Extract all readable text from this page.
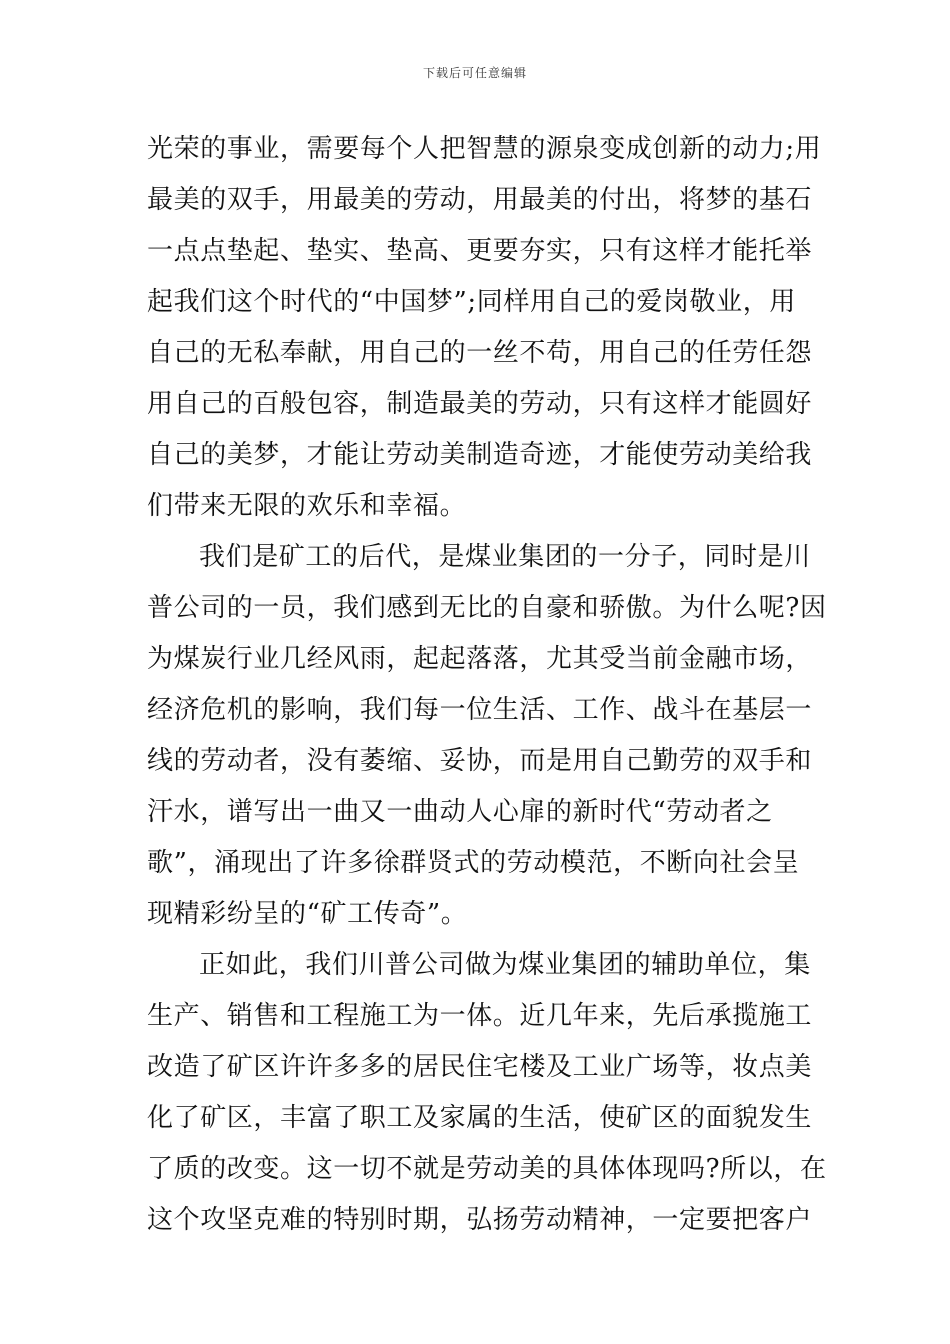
下载后可任意编辑
光荣的事业，需要每个人把智慧的源泉变成创新的动力;用
最美的双手，用最美的劳动，用最美的付出，将梦的基石
一点点垫起、垫实、垫高、更要夯实，只有这样才能托举
起我们这个时代的“中国梦”;同样用自己的爱岗敬业，用
自己的无私奉献，用自己的一丝不苟，用自己的任劳任怨
用自己的百般包容，制造最美的劳动，只有这样才能圆好
自己的美梦，才能让劳动美制造奇迹，才能使劳动美给我
们带来无限的欢乐和幸福。
我们是矿工的后代，是煤业集团的一分子，同时是川
普公司的一员，我们感到无比的自豪和骄傲。为什么呢?因
为煤炭行业几经风雨，起起落落，尤其受当前金融市场，
经济危机的影响，我们每一位生活、工作、战斗在基层一
线的劳动者，没有萎缩、妥协，而是用自己勤劳的双手和
汗水，谱写出一曲又一曲动人心扉的新时代“劳动者之
歌”，涌现出了许多徐群贤式的劳动模范，不断向社会呈
现精彩纷呈的“矿工传奇”。
正如此，我们川普公司做为煤业集团的辅助单位，集
生产、销售和工程施工为一体。近几年来，先后承揽施工
改造了矿区许许多多的居民住宅楼及工业广场等，妆点美
化了矿区，丰富了职工及家属的生活，使矿区的面貌发生
了质的改变。这一切不就是劳动美的具体体现吗?所以，在
这个攻坚克难的特别时期，弘扬劳动精神，一定要把客户
